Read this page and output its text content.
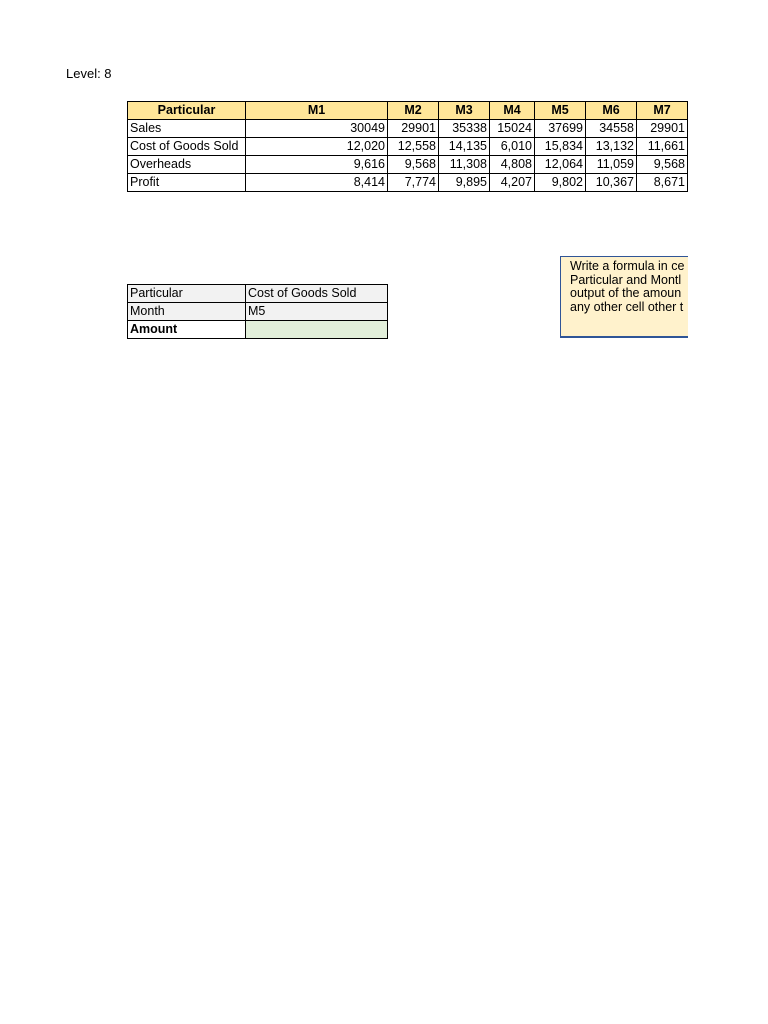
Level: 8
Particular	M1	M2	M3	M4	M5	M6	M7
Sales	30049	29901	35338	15024	37699	34558	29901
Cost of Goods Sold	12,020	12,558	14,135	6,010	15,834	13,132	11,661
Overheads	9,616	9,568	11,308	4,808	12,064	11,059	9,568
Profit	8,414	7,774	9,895	4,207	9,802	10,367	8,671
Particular	Cost of Goods Sold
Month	M5
Amount	
Write a formula in ce
Particular and Montl
output of the amoun
any other cell other t
